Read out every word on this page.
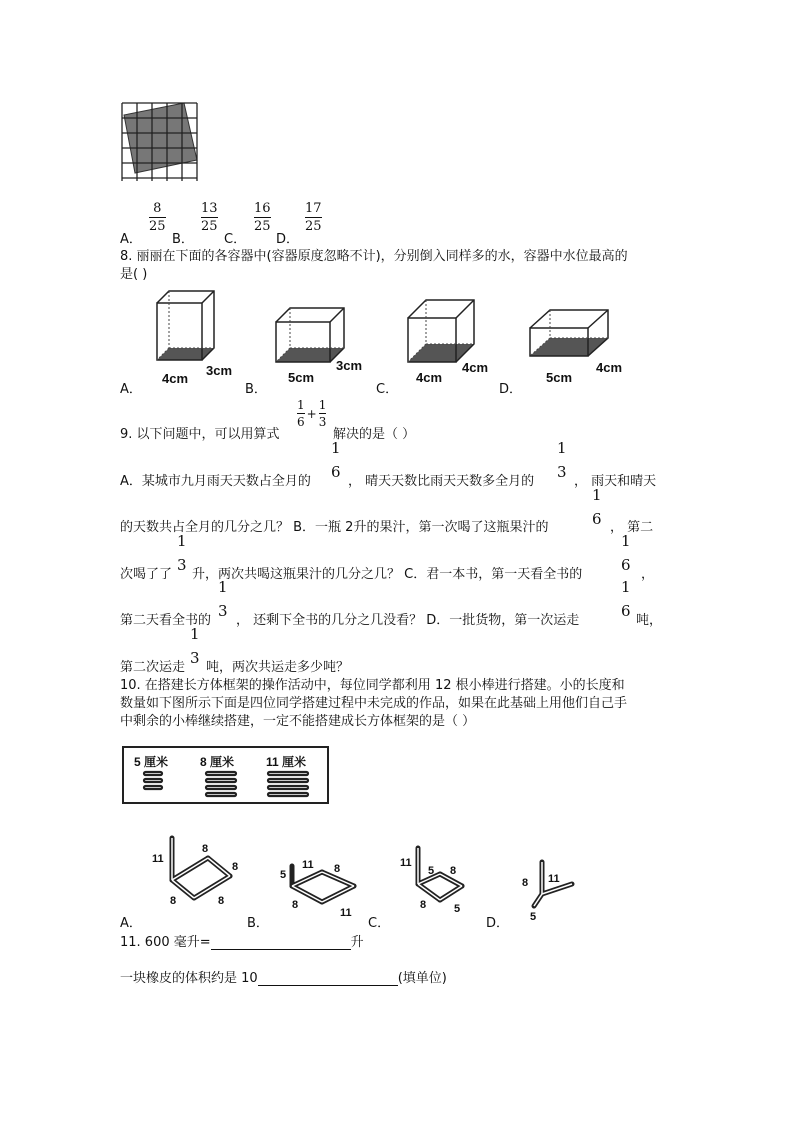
A．
8
25
B．
13
25
C．
16
25
D．
17
25
8. 丽丽在下面的各容器中(容器原度忽略不计)，分别倒入同样多的水，容器中水位最高的
是( )
A．
4cm
3cm
B．
5cm
3cm
C．
4cm
4cm
D．
5cm
4cm
9. 以下问题中，可以用算式
1
6
+
1
3
解决的是（ ）
A．某城市九月雨天天数占全月的
1
6
， 晴天天数比雨天天数多全月的
1
3
， 雨天和晴天
的天数共占全月的几分之几？ B．一瓶 2升的果汁，第一次喝了这瓶果汁的
1
6 ， 第二
次喝了了
1
3
升，两次共喝这瓶果汁的几分之几？ C．君一本书，第一天看全书的
1
6
，
第二天看全书的
1
3
， 还剩下全书的几分之几没看？ D．一批货物，第一次运走
1
6
吨，
第二次运走
1
3
吨，两次共运走多少吨？
10. 在搭建长方体框架的操作活动中，每位同学都利用 12 根小棒进行搭建。小的长度和
数量如下图所示下面是四位同学搭建过程中未完成的作品，如果在此基础上用他们自己手
中剩余的小棒继续搭建，一定不能搭建成长方体框架的是（ ）
5 厘米	8 厘米	11 厘米
A．
11
8
8
8	8
B．
5
11 8
8
11
C．
11
5 8
8	5
D．
8 11
5
11. 600 毫升=	升
一块橡皮的体积约是 10	(填单位)
